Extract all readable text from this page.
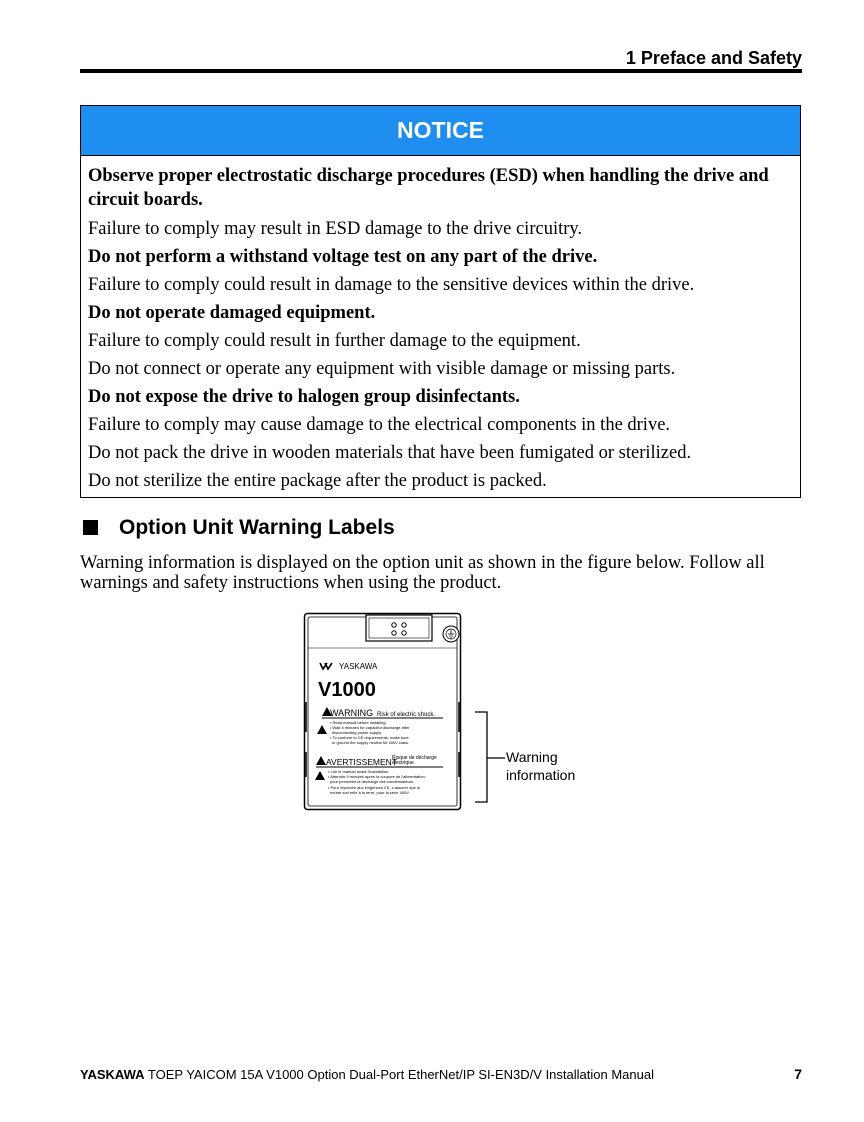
1 Preface and Safety
NOTICE
Observe proper electrostatic discharge procedures (ESD) when handling the drive and circuit boards.
Failure to comply may result in ESD damage to the drive circuitry.
Do not perform a withstand voltage test on any part of the drive.
Failure to comply could result in damage to the sensitive devices within the drive.
Do not operate damaged equipment.
Failure to comply could result in further damage to the equipment.
Do not connect or operate any equipment with visible damage or missing parts.
Do not expose the drive to halogen group disinfectants.
Failure to comply may cause damage to the electrical components in the drive.
Do not pack the drive in wooden materials that have been fumigated or sterilized.
Do not sterilize the entire package after the product is packed.
Option Unit Warning Labels
Warning information is displayed on the option unit as shown in the figure below. Follow all warnings and safety instructions when using the product.
YASKAWA
V1000
WARNING Risk of electric shock.
• Read manual before installing.
• Wait 5 minutes for capacitor discharge after
disconnecting power supply.
• To conform to CE requirements, make sure
to ground the supply neutral for 400V class.
AVERTISSEMENT
Risque de décharge
électrique.
• Lire le manuel avant l'installation.
• Attendre 5 minutes après la coupure de l'alimentation,
pour permettre la décharge des condensateurs.
• Pour répondre aux exigences CE, s assurer que le
neutre soit relié à la terre, pour la série 400V.
Warning
information
YASKAWA TOEP YAICOM 15A V1000 Option Dual-Port EtherNet/IP SI-EN3D/V Installation Manual	7
